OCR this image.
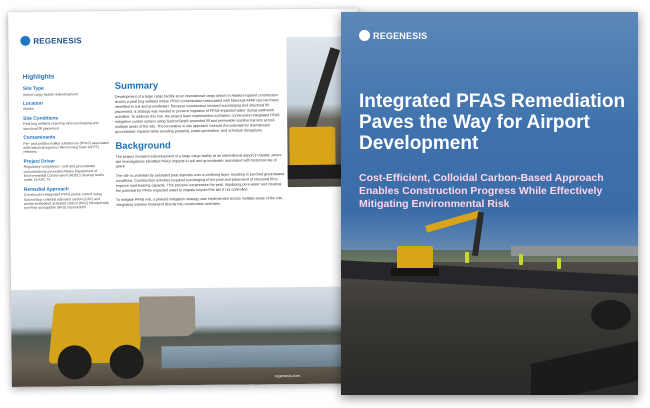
REGENESIS
Highlights
Site Type
Airport cargo facility redevelopment
Location
Alaska
Site Conditions
Peat bog wetland requiring land surcharging and structural fill placement
Contaminants
Per- and polyfluoroalkyl substances (PFAS) associated with historical aqueous film-forming foam (AFFF) releases
Project Driver
Regulatory compliance • Soil and groundwater concentrations exceeded Alaska Department of Environmental Conservation (ADEC) cleanup levels under 18 AAC 75
Remedial Approach
Construction-integrated PFAS plume control using SourceStop colloidal activated carbon (CAC) and plume-embedded activated carbon (PAC) blended with non-flow susceptible (NFS) structural fill
Summary

Development of a large cargo facility at an international cargo airport in Alaska required construction across a peat bog wetland where PFAS contamination associated with historical AFFF use had been identified in soil and groundwater. Because construction involved surcharging and structural fill placement, a strategy was needed to prevent migration of PFAS-impacted water during earthwork activities. To address this risk, the project team implemented a phased, construction-integrated PFAS mitigation control system using SourceStop®-amended fill and permeable sorptive barriers across multiple areas of the site. The innovative in situ approach reduces the potential for downstream groundwater impacts while avoiding pumping, waste generation, and schedule disruptions.

Background

The project involved redevelopment of a large cargo facility at an international airport in Alaska, where site investigations identified PFAS impacts in soil and groundwater associated with historical use of AFFF.

The site is underlain by saturated peat deposits over a confining layer, resulting in perched groundwater conditions. Construction activities required surcharging of the peat and placement of structural fill to improve load-bearing capacity. This process compresses the peat, displacing pore water and creating the potential for PFAS-impacted water to migrate beyond the site if not controlled.

To mitigate PFAS risk, a phased mitigation strategy was implemented across multiple areas of the site, integrating sorptive treatment directly into construction activities.

regenesis.com
REGENESIS
Integrated PFAS Remediation Paves the Way for Airport Development

Cost-Efficient, Colloidal Carbon-Based Approach Enables Construction Progress While Effectively Mitigating Environmental Risk
